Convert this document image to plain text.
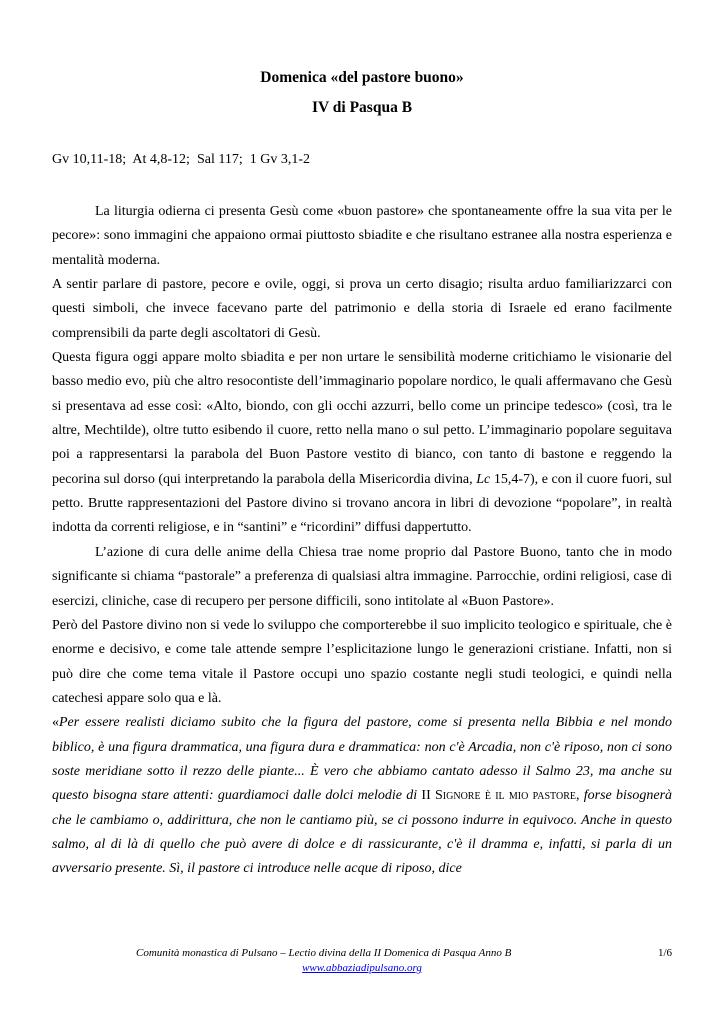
Domenica «del pastore buono»
IV di Pasqua B
Gv 10,11-18; At 4,8-12; Sal 117; 1 Gv 3,1-2

La liturgia odierna ci presenta Gesù come «buon pastore» che spontaneamente offre la sua vita per le pecore»: sono immagini che appaiono ormai piuttosto sbiadite e che risultano estranee alla nostra esperienza e mentalità moderna.

A sentir parlare di pastore, pecore e ovile, oggi, si prova un certo disagio; risulta arduo familiarizzarci con questi simboli, che invece facevano parte del patrimonio e della storia di Israele ed erano facilmente comprensibili da parte degli ascoltatori di Gesù.

Questa figura oggi appare molto sbiadita e per non urtare le sensibilità moderne critichiamo le visionarie del basso medio evo, più che altro resocontiste dell’immaginario popolare nordico, le quali affermavano che Gesù si presentava ad esse così: «Alto, biondo, con gli occhi azzurri, bello come un principe tedesco» (così, tra le altre, Mechtilde), oltre tutto esibendo il cuore, retto nella mano o sul petto. L’immaginario popolare seguitava poi a rappresentarsi la parabola del Buon Pastore vestito di bianco, con tanto di bastone e reggendo la pecorina sul dorso (qui interpretando la parabola della Misericordia divina, Lc 15,4-7), e con il cuore fuori, sul petto. Brutte rappresentazioni del Pastore divino si trovano ancora in libri di devozione “popolare”, in realtà indotta da correnti religiose, e in “santini” e “ricordini” diffusi dappertutto.

L’azione di cura delle anime della Chiesa trae nome proprio dal Pastore Buono, tanto che in modo significante si chiama “pastorale” a preferenza di qualsiasi altra immagine. Parrocchie, ordini religiosi, case di esercizi, cliniche, case di recupero per persone difficili, sono intitolate al «Buon Pastore».

Però del Pastore divino non si vede lo sviluppo che comporterebbe il suo implicito teologico e spirituale, che è enorme e decisivo, e come tale attende sempre l’esplicitazione lungo le generazioni cristiane. Infatti, non si può dire che come tema vitale il Pastore occupi uno spazio costante negli studi teologici, e quindi nella catechesi appare solo qua e là.

«Per essere realisti diciamo subito che la figura del pastore, come si presenta nella Bibbia e nel mondo biblico, è una figura drammatica, una figura dura e drammatica: non c'è Arcadia, non c'è riposo, non ci sono soste meridiane sotto il rezzo delle piante... È vero che abbiamo cantato adesso il Salmo 23, ma anche su questo bisogna stare attenti: guardiamoci dalle dolci melodie di II Signore è il mio pastore, forse bisognerà che le cambiamo o, addirittura, che non le cantiamo più, se ci possono indurre in equivoco. Anche in questo salmo, al di là di quello che può avere di dolce e di rassicurante, c'è il dramma e, infatti, si parla di un avversario presente. Sì, il pastore ci introduce nelle acque di riposo, dice

Comunità monastica di Pulsano – Lectio divina della II Domenica di Pasqua Anno B	1/6
www.abbaziadipulsano.org
